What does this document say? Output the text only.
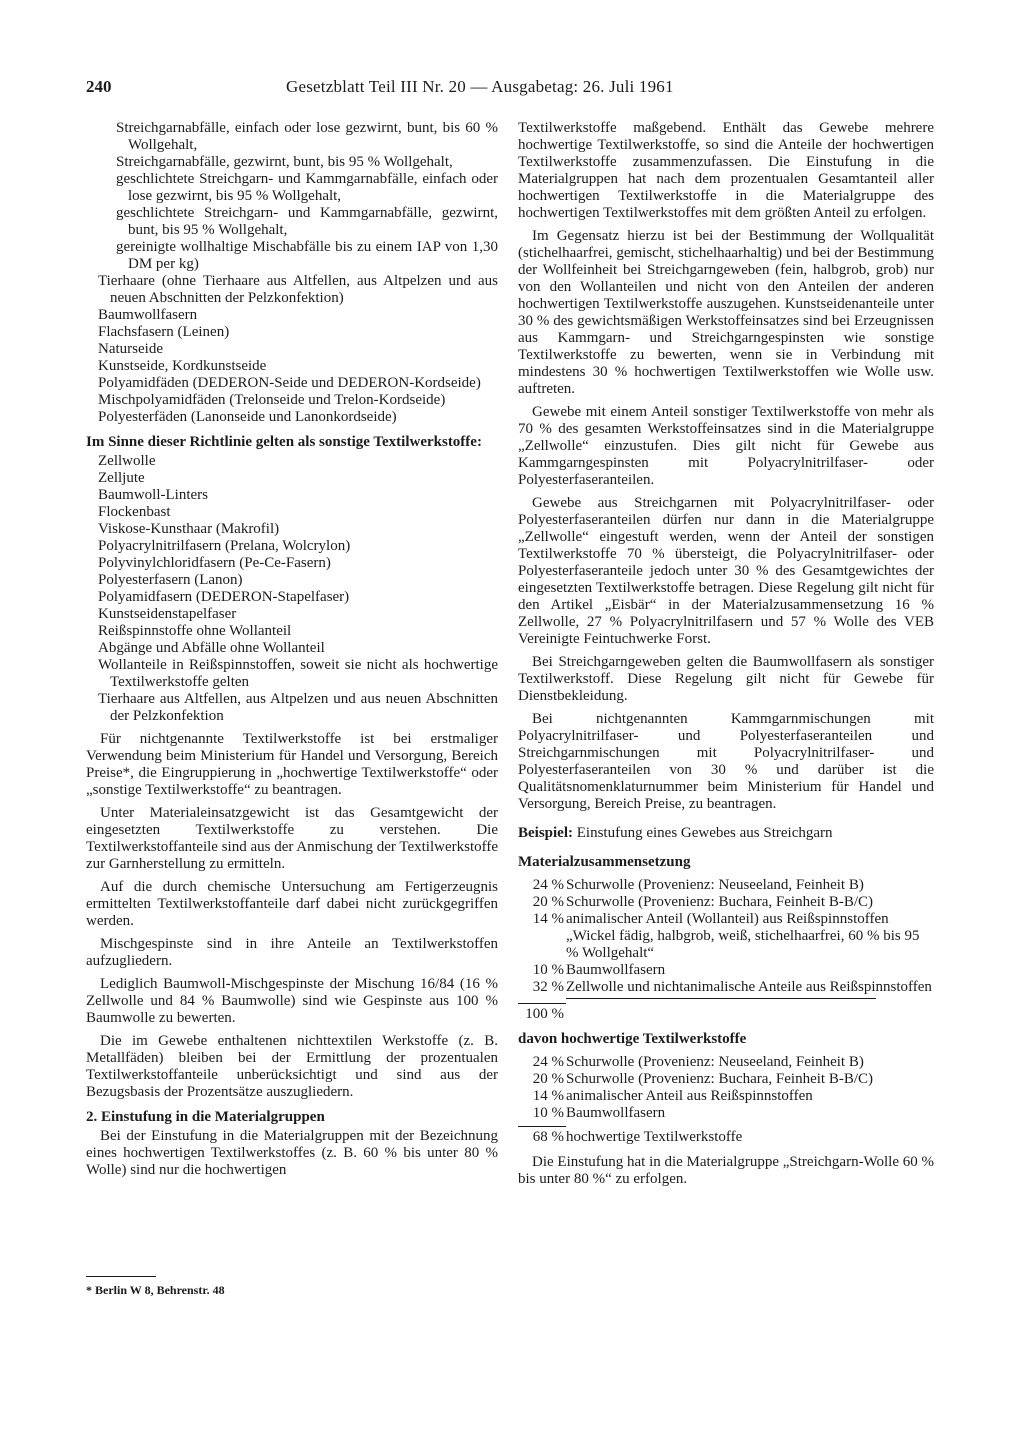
240	Gesetzblatt Teil III Nr. 20 — Ausgabetag: 26. Juli 1961

Streichgarnabfälle, einfach oder lose gezwirnt, bunt, bis 60 % Wollgehalt,

Streichgarnabfälle, gezwirnt, bunt, bis 95 % Wollgehalt,

geschlichtete Streichgarn- und Kammgarnabfälle, einfach oder lose gezwirnt, bis 95 % Wollgehalt,

geschlichtete Streichgarn- und Kammgarnabfälle, gezwirnt, bunt, bis 95 % Wollgehalt,

gereinigte wollhaltige Mischabfälle bis zu einem IAP von 1,30 DM per kg)

Tierhaare (ohne Tierhaare aus Altfellen, aus Altpelzen und aus neuen Abschnitten der Pelzkonfektion)

Baumwollfasern

Flachsfasern (Leinen)

Naturseide

Kunstseide, Kordkunstseide

Polyamidfäden (DEDERON-Seide und DEDERON-Kordseide)

Mischpolyamidfäden (Trelonseide und Trelon-Kordseide)

Polyesterfäden (Lanonseide und Lanonkordseide)

Im Sinne dieser Richtlinie gelten als sonstige Textilwerkstoffe:

Zellwolle

Zelljute

Baumwoll-Linters

Flockenbast

Viskose-Kunsthaar (Makrofil)

Polyacrylnitrilfasern (Prelana, Wolcrylon)

Polyvinylchloridfasern (Pe-Ce-Fasern)

Polyesterfasern (Lanon)

Polyamidfasern (DEDERON-Stapelfaser)

Kunstseidenstapelfaser

Reißspinnstoffe ohne Wollanteil

Abgänge und Abfälle ohne Wollanteil

Wollanteile in Reißspinnstoffen, soweit sie nicht als hochwertige Textilwerkstoffe gelten

Tierhaare aus Altfellen, aus Altpelzen und aus neuen Abschnitten der Pelzkonfektion

Für nichtgenannte Textilwerkstoffe ist bei erstmaliger Verwendung beim Ministerium für Handel und Versorgung, Bereich Preise*, die Eingruppierung in „hochwertige Textilwerkstoffe“ oder „sonstige Textilwerkstoffe“ zu beantragen.

Unter Materialeinsatzgewicht ist das Gesamtgewicht der eingesetzten Textilwerkstoffe zu verstehen. Die Textilwerkstoffanteile sind aus der Anmischung der Textilwerkstoffe zur Garnherstellung zu ermitteln.

Auf die durch chemische Untersuchung am Fertigerzeugnis ermittelten Textilwerkstoffanteile darf dabei nicht zurückgegriffen werden.

Mischgespinste sind in ihre Anteile an Textilwerkstoffen aufzugliedern.

Lediglich Baumwoll-Mischgespinste der Mischung 16/84 (16 % Zellwolle und 84 % Baumwolle) sind wie Gespinste aus 100 % Baumwolle zu bewerten.

Die im Gewebe enthaltenen nichttextilen Werkstoffe (z. B. Metallfäden) bleiben bei der Ermittlung der prozentualen Textilwerkstoffanteile unberücksichtigt und sind aus der Bezugsbasis der Prozentsätze auszugliedern.

2. Einstufung in die Materialgruppen

Bei der Einstufung in die Materialgruppen mit der Bezeichnung eines hochwertigen Textilwerkstoffes (z. B. 60 % bis unter 80 % Wolle) sind nur die hochwertigen

* Berlin W 8, Behrenstr. 48

Textilwerkstoffe maßgebend. Enthält das Gewebe mehrere hochwertige Textilwerkstoffe, so sind die Anteile der hochwertigen Textilwerkstoffe zusammenzufassen. Die Einstufung in die Materialgruppen hat nach dem prozentualen Gesamtanteil aller hochwertigen Textilwerkstoffe in die Materialgruppe des hochwertigen Textilwerkstoffes mit dem größten Anteil zu erfolgen.

Im Gegensatz hierzu ist bei der Bestimmung der Wollqualität (stichelhaarfrei, gemischt, stichelhaarhaltig) und bei der Bestimmung der Wollfeinheit bei Streichgarngeweben (fein, halbgrob, grob) nur von den Wollanteilen und nicht von den Anteilen der anderen hochwertigen Textilwerkstoffe auszugehen. Kunstseidenanteile unter 30 % des gewichtsmäßigen Werkstoffeinsatzes sind bei Erzeugnissen aus Kammgarn- und Streichgarngespinsten wie sonstige Textilwerkstoffe zu bewerten, wenn sie in Verbindung mit mindestens 30 % hochwertigen Textilwerkstoffen wie Wolle usw. auftreten.

Gewebe mit einem Anteil sonstiger Textilwerkstoffe von mehr als 70 % des gesamten Werkstoffeinsatzes sind in die Materialgruppe „Zellwolle“ einzustufen. Dies gilt nicht für Gewebe aus Kammgarngespinsten mit Polyacrylnitrilfaser- oder Polyesterfaseranteilen.

Gewebe aus Streichgarnen mit Polyacrylnitrilfaser- oder Polyesterfaseranteilen dürfen nur dann in die Materialgruppe „Zellwolle“ eingestuft werden, wenn der Anteil der sonstigen Textilwerkstoffe 70 % übersteigt, die Polyacrylnitrilfaser- oder Polyesterfaseranteile jedoch unter 30 % des Gesamtgewichtes der eingesetzten Textilwerkstoffe betragen. Diese Regelung gilt nicht für den Artikel „Eisbär“ in der Materialzusammensetzung 16 % Zellwolle, 27 % Polyacrylnitrilfasern und 57 % Wolle des VEB Vereinigte Feintuchwerke Forst.

Bei Streichgarngeweben gelten die Baumwollfasern als sonstiger Textilwerkstoff. Diese Regelung gilt nicht für Gewebe für Dienstbekleidung.

Bei nichtgenannten Kammgarnmischungen mit Polyacrylnitrilfaser- und Polyesterfaseranteilen und Streichgarnmischungen mit Polyacrylnitrilfaser- und Polyesterfaseranteilen von 30 % und darüber ist die Qualitätsnomenklaturnummer beim Ministerium für Handel und Versorgung, Bereich Preise, zu beantragen.

Beispiel: Einstufung eines Gewebes aus Streichgarn

Materialzusammensetzung

24 % Schurwolle (Provenienz: Neuseeland, Feinheit B)
20 % Schurwolle (Provenienz: Buchara, Feinheit B-B/C)
14 % animalischer Anteil (Wollanteil) aus Reißspinnstoffen „Wickel fädig, halbgrob, weiß, stichelhaarfrei, 60 % bis 95 % Wollgehalt“
10 % Baumwollfasern
32 % Zellwolle und nichtanimalische Anteile aus Reißspinnstoffen
100 %

davon hochwertige Textilwerkstoffe

24 % Schurwolle (Provenienz: Neuseeland, Feinheit B)
20 % Schurwolle (Provenienz: Buchara, Feinheit B-B/C)
14 % animalischer Anteil aus Reißspinnstoffen
10 % Baumwollfasern
68 % hochwertige Textilwerkstoffe

Die Einstufung hat in die Materialgruppe „Streichgarn-Wolle 60 % bis unter 80 %“ zu erfolgen.
